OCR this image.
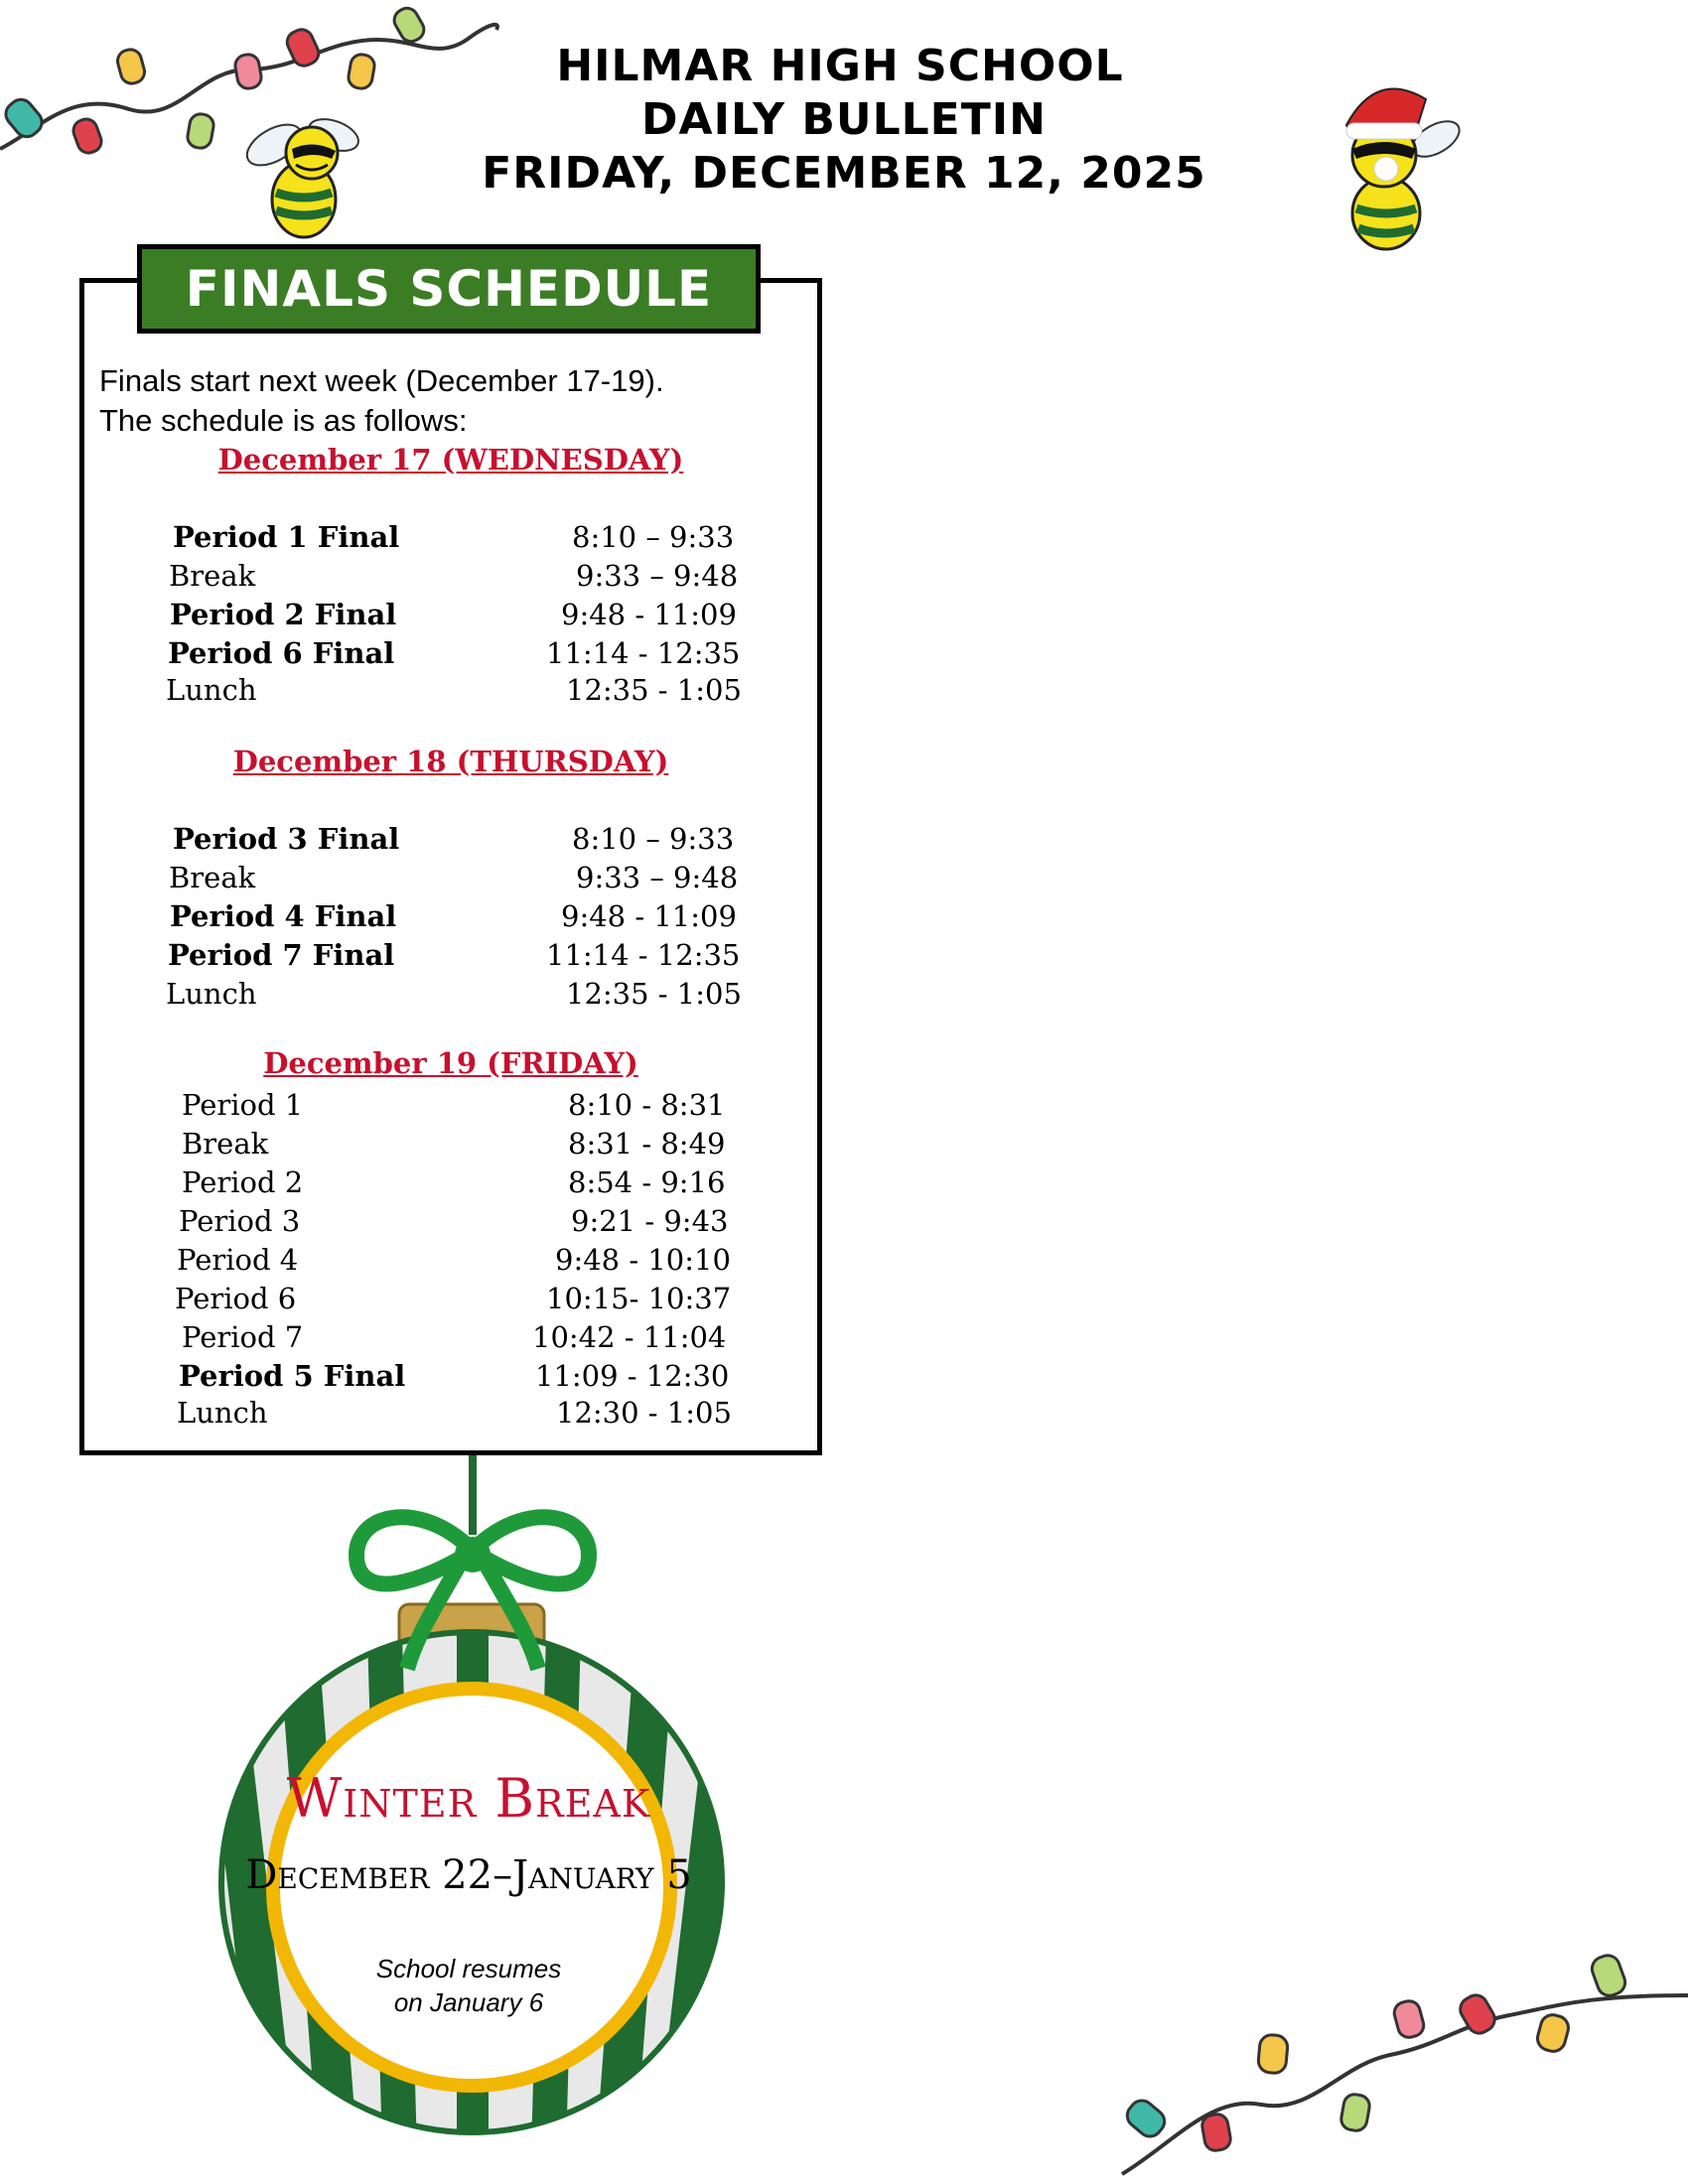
HILMAR HIGH SCHOOL
DAILY BULLETIN
FRIDAY, DECEMBER 12, 2025
FINALS SCHEDULE
Finals start next week (December 17-19).
The schedule is as follows:
December 17 (WEDNESDAY)
Period 1 Final	8:10 – 9:33
Break	9:33 – 9:48
Period 2 Final	9:48 - 11:09
Period 6 Final	11:14 - 12:35
Lunch	12:35 - 1:05
December 18 (THURSDAY)
Period 3 Final	8:10 – 9:33
Break	9:33 – 9:48
Period 4 Final	9:48 - 11:09
Period 7 Final	11:14 - 12:35
Lunch	12:35 - 1:05
December 19 (FRIDAY)
Period 1	8:10 - 8:31
Break	8:31 - 8:49
Period 2	8:54 - 9:16
Period 3	9:21 - 9:43
Period 4	9:48 - 10:10
Period 6	10:15- 10:37
Period 7	10:42 - 11:04
Period 5 Final	11:09 - 12:30
Lunch	12:30 - 1:05
Winter Break
December 22–January 5
School resumes
on January 6
